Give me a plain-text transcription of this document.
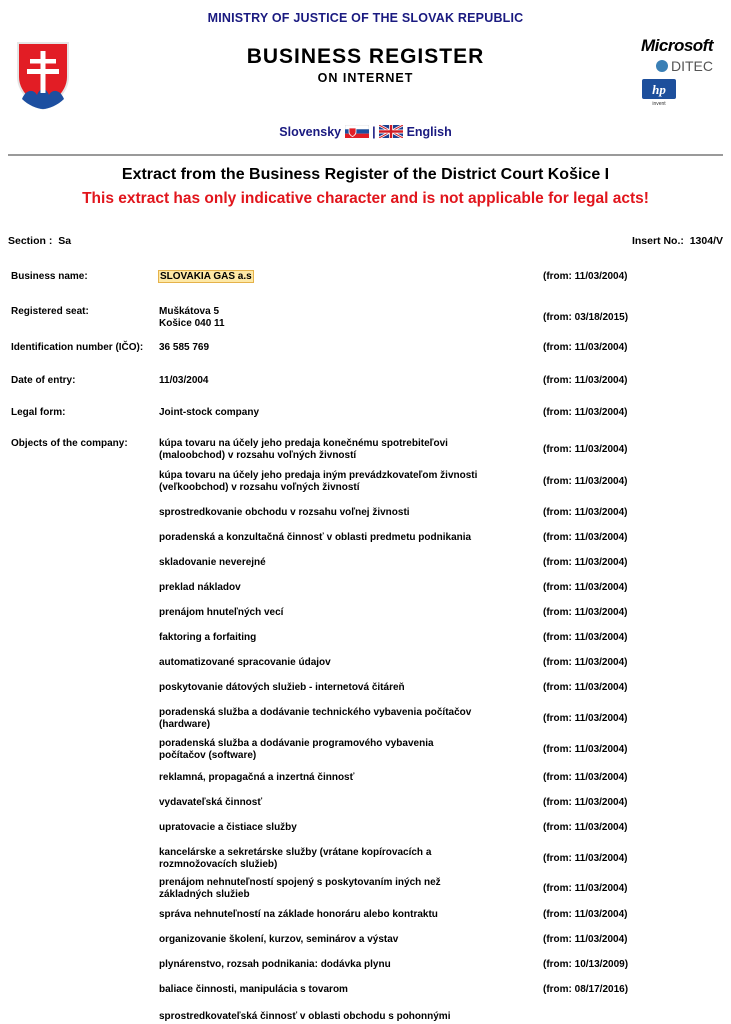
MINISTRY OF JUSTICE OF THE SLOVAK REPUBLIC
BUSINESS REGISTER
ON INTERNET
Slovensky | English
Microsoft
DITEC
hp
invent
Extract from the Business Register of the District Court Košice I
This extract has only indicative character and is not applicable for legal acts!
Section : Sa	Insert No.: 1304/V
Business name:	SLOVAKIA GAS a.s	(from: 11/03/2004)
Registered seat:	Muškátova 5
Košice 040 11
(from: 03/18/2015)
Identification number (IČO):	36 585 769	(from: 11/03/2004)
Date of entry:	11/03/2004	(from: 11/03/2004)
Legal form:	Joint-stock company	(from: 11/03/2004)
Objects of the company:	kúpa tovaru na účely jeho predaja konečnému spotrebiteľovi
(maloobchod) v rozsahu voľných živností
(from: 11/03/2004)
kúpa tovaru na účely jeho predaja iným prevádzkovateľom živnosti
(veľkoobchod) v rozsahu voľných živností
(from: 11/03/2004)
sprostredkovanie obchodu v rozsahu voľnej živnosti	(from: 11/03/2004)
poradenská a konzultačná činnosť v oblasti predmetu podnikania	(from: 11/03/2004)
skladovanie neverejné	(from: 11/03/2004)
preklad nákladov	(from: 11/03/2004)
prenájom hnuteľných vecí	(from: 11/03/2004)
faktoring a forfaiting	(from: 11/03/2004)
automatizované spracovanie údajov	(from: 11/03/2004)
poskytovanie dátových služieb - internetová čitáreň	(from: 11/03/2004)
poradenská služba a dodávanie technického vybavenia počítačov
(hardware)
(from: 11/03/2004)
poradenská služba a dodávanie programového vybavenia
počítačov (software)
(from: 11/03/2004)
reklamná, propagačná a inzertná činnosť	(from: 11/03/2004)
vydavateľská činnosť	(from: 11/03/2004)
upratovacie a čistiace služby	(from: 11/03/2004)
kancelárske a sekretárske služby (vrátane kopírovacích a
rozmnožovacích služieb)
(from: 11/03/2004)
prenájom nehnuteľností spojený s poskytovaním iných než
základných služieb
(from: 11/03/2004)
správa nehnuteľností na základe honoráru alebo kontraktu	(from: 11/03/2004)
organizovanie školení, kurzov, seminárov a výstav	(from: 11/03/2004)
plynárenstvo, rozsah podnikania: dodávka plynu	(from: 10/13/2009)
baliace činnosti, manipulácia s tovarom	(from: 08/17/2016)
sprostredkovateľská činnosť v oblasti obchodu s pohonnými
